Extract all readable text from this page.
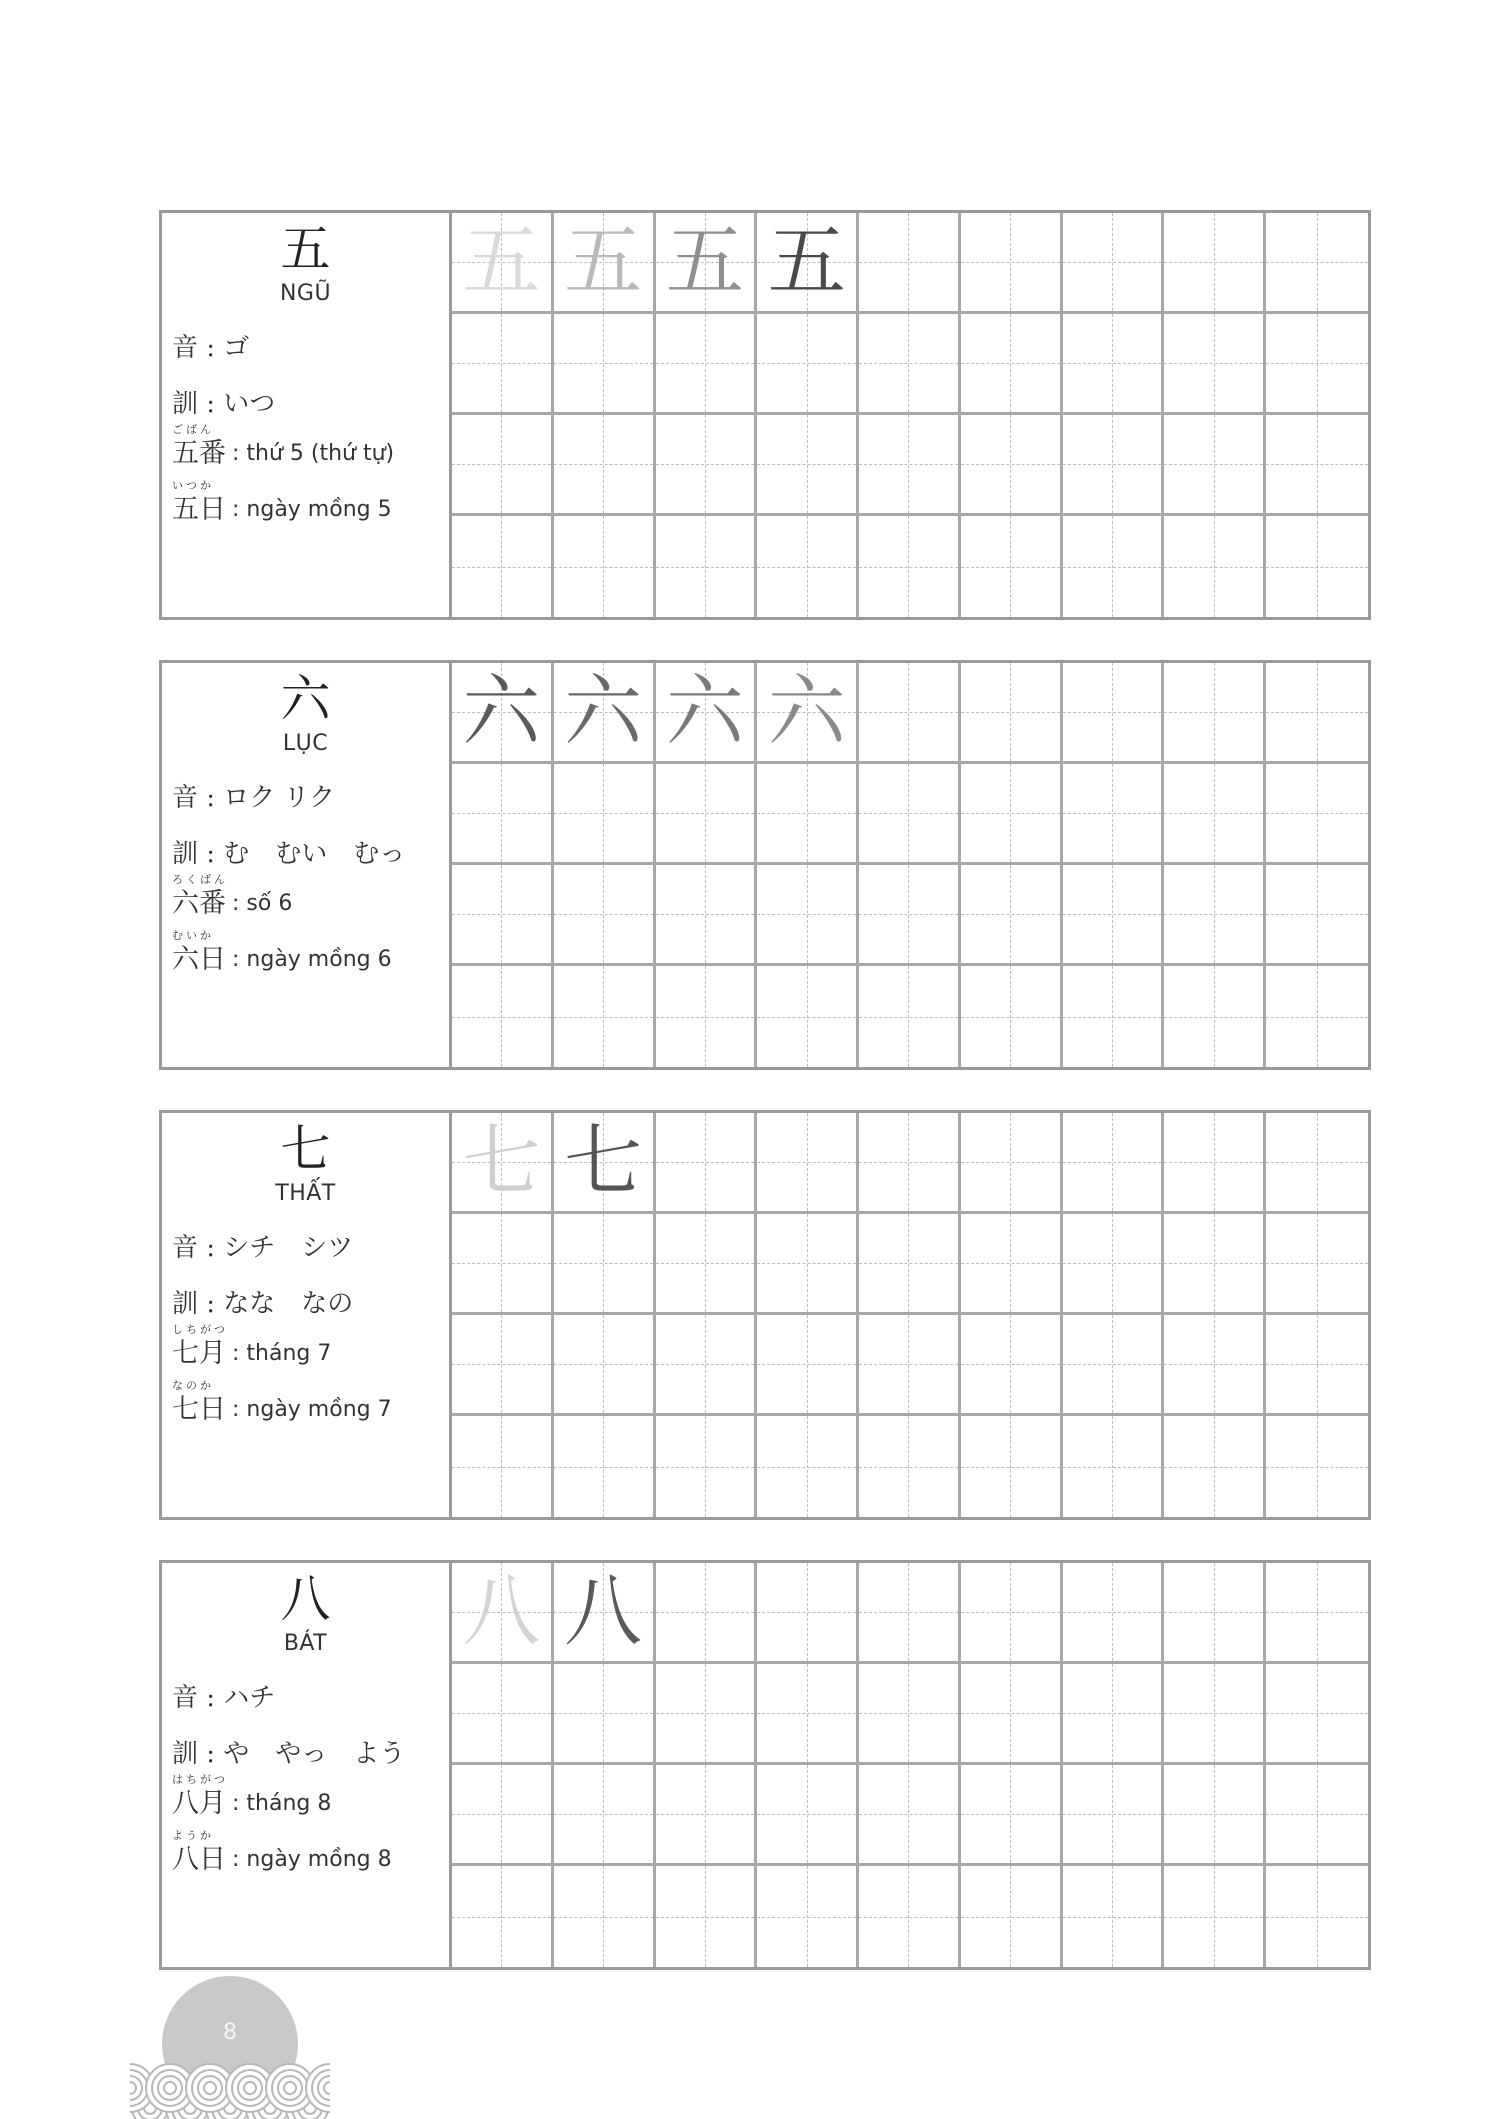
五
NGŨ
音 : ゴ
訓 : いつ
ごばん
五番 : thứ 5 (thứ tự)
いつか
五日 : ngày mồng 5
五 五 五 五
六
LỤC
音 : ロク リク
訓 : む　むい　むっ
ろくばん
六番 : số 6
むいか
六日 : ngày mồng 6
六 六 六 六
七
THẤT
音 : シチ　シツ
訓 : なな　なの
しちがつ
七月 : tháng 7
なのか
七日 : ngày mồng 7
七 七
八
BÁT
音 : ハチ
訓 : や　やっ　よう
はちがつ
八月 : tháng 8
ようか
八日 : ngày mồng 8
八 八
8
